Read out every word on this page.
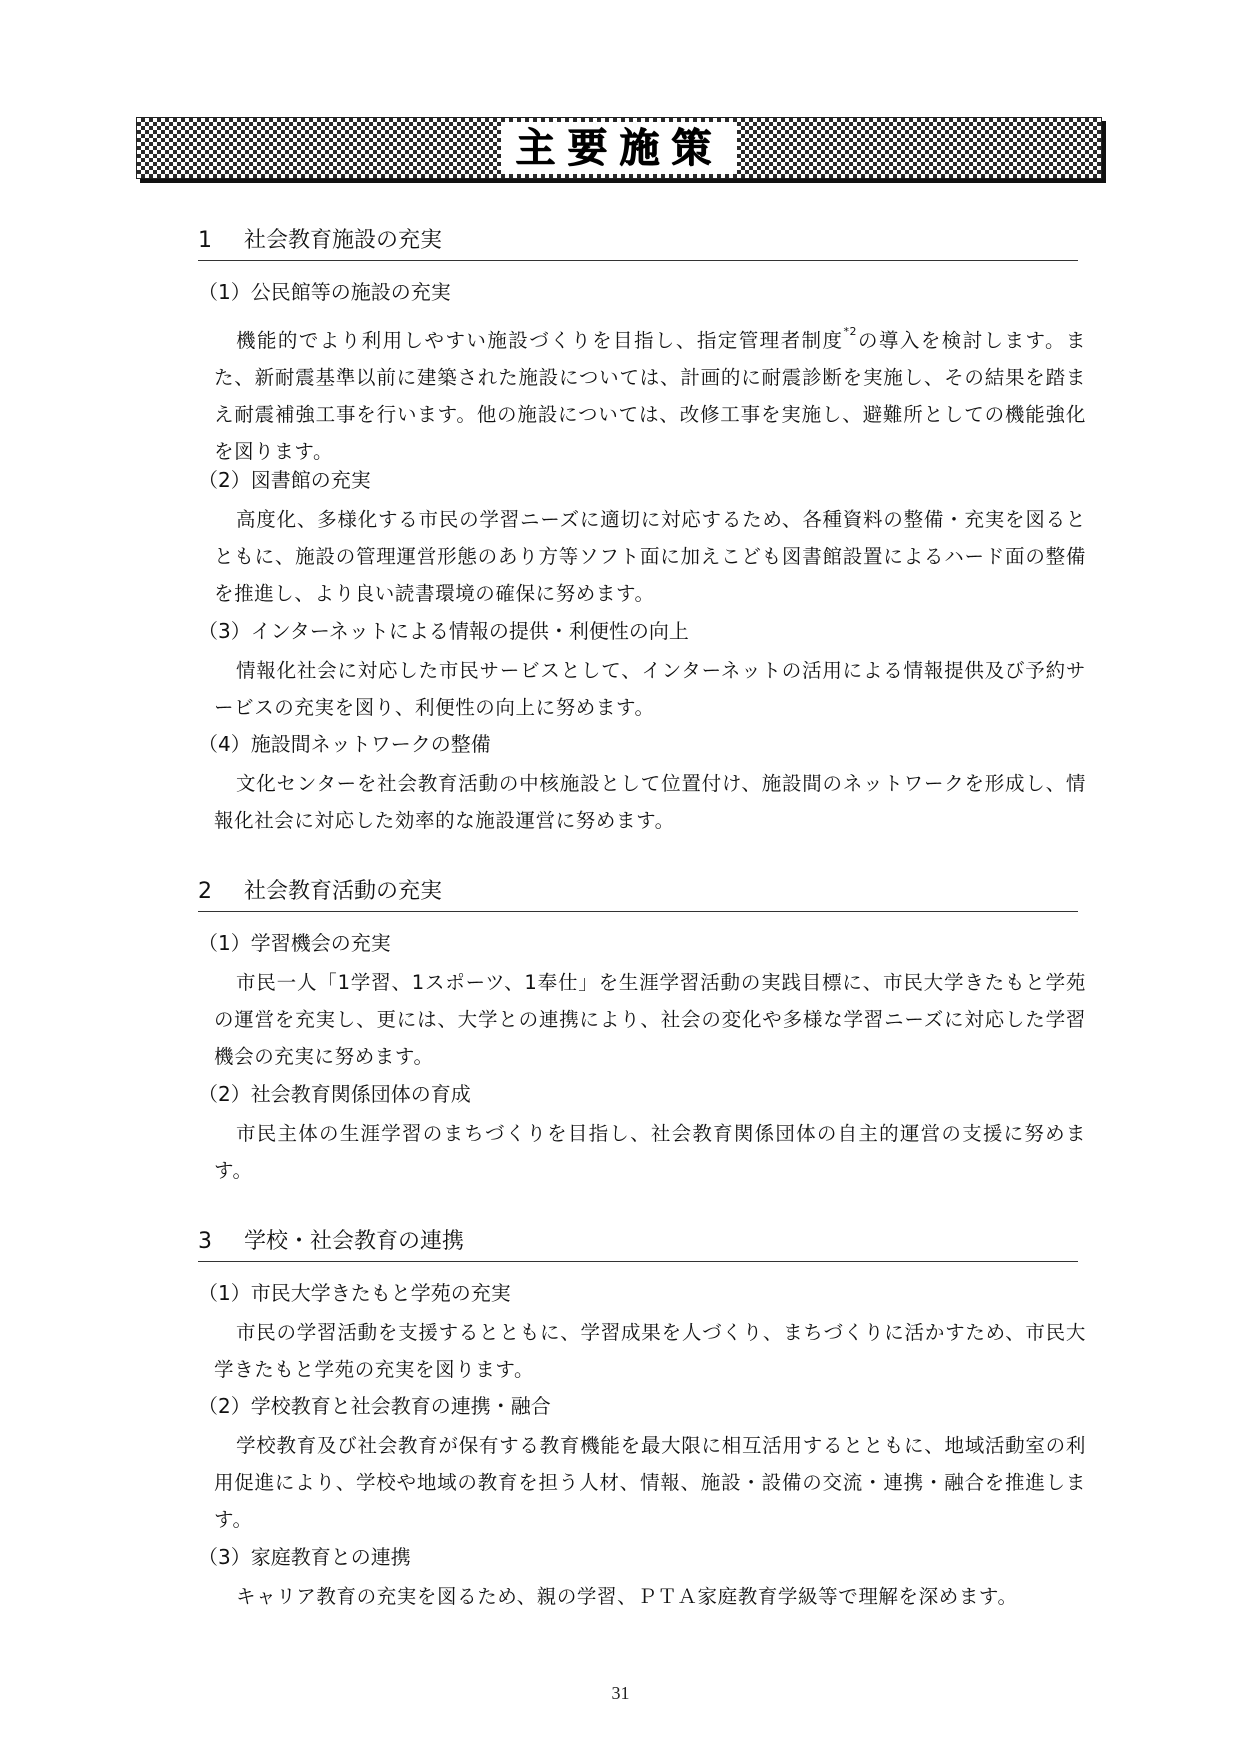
主要施策
1 社会教育施設の充実
（1）公民館等の施設の充実
機能的でより利用しやすい施設づくりを目指し、指定管理者制度$^{*2}$の導入を検討します。また、新耐震基準以前に建築された施設については、計画的に耐震診断を実施し、その結果を踏まえ耐震補強工事を行います。他の施設については、改修工事を実施し、避難所としての機能強化を図ります。
（2）図書館の充実
高度化、多様化する市民の学習ニーズに適切に対応するため、各種資料の整備・充実を図るとともに、施設の管理運営形態のあり方等ソフト面に加えこども図書館設置によるハード面の整備を推進し、より良い読書環境の確保に努めます。
（3）インターネットによる情報の提供・利便性の向上
情報化社会に対応した市民サービスとして、インターネットの活用による情報提供及び予約サービスの充実を図り、利便性の向上に努めます。
（4）施設間ネットワークの整備
文化センターを社会教育活動の中核施設として位置付け、施設間のネットワークを形成し、情報化社会に対応した効率的な施設運営に努めます。
2 社会教育活動の充実
（1）学習機会の充実
市民一人「1学習、1スポーツ、1奉仕」を生涯学習活動の実践目標に、市民大学きたもと学苑の運営を充実し、更には、大学との連携により、社会の変化や多様な学習ニーズに対応した学習機会の充実に努めます。
（2）社会教育関係団体の育成
市民主体の生涯学習のまちづくりを目指し、社会教育関係団体の自主的運営の支援に努めます。
3 学校・社会教育の連携
（1）市民大学きたもと学苑の充実
市民の学習活動を支援するとともに、学習成果を人づくり、まちづくりに活かすため、市民大学きたもと学苑の充実を図ります。
（2）学校教育と社会教育の連携・融合
学校教育及び社会教育が保有する教育機能を最大限に相互活用するとともに、地域活動室の利用促進により、学校や地域の教育を担う人材、情報、施設・設備の交流・連携・融合を推進します。
（3）家庭教育との連携
キャリア教育の充実を図るため、親の学習、ＰＴＡ家庭教育学級等で理解を深めます。
31
